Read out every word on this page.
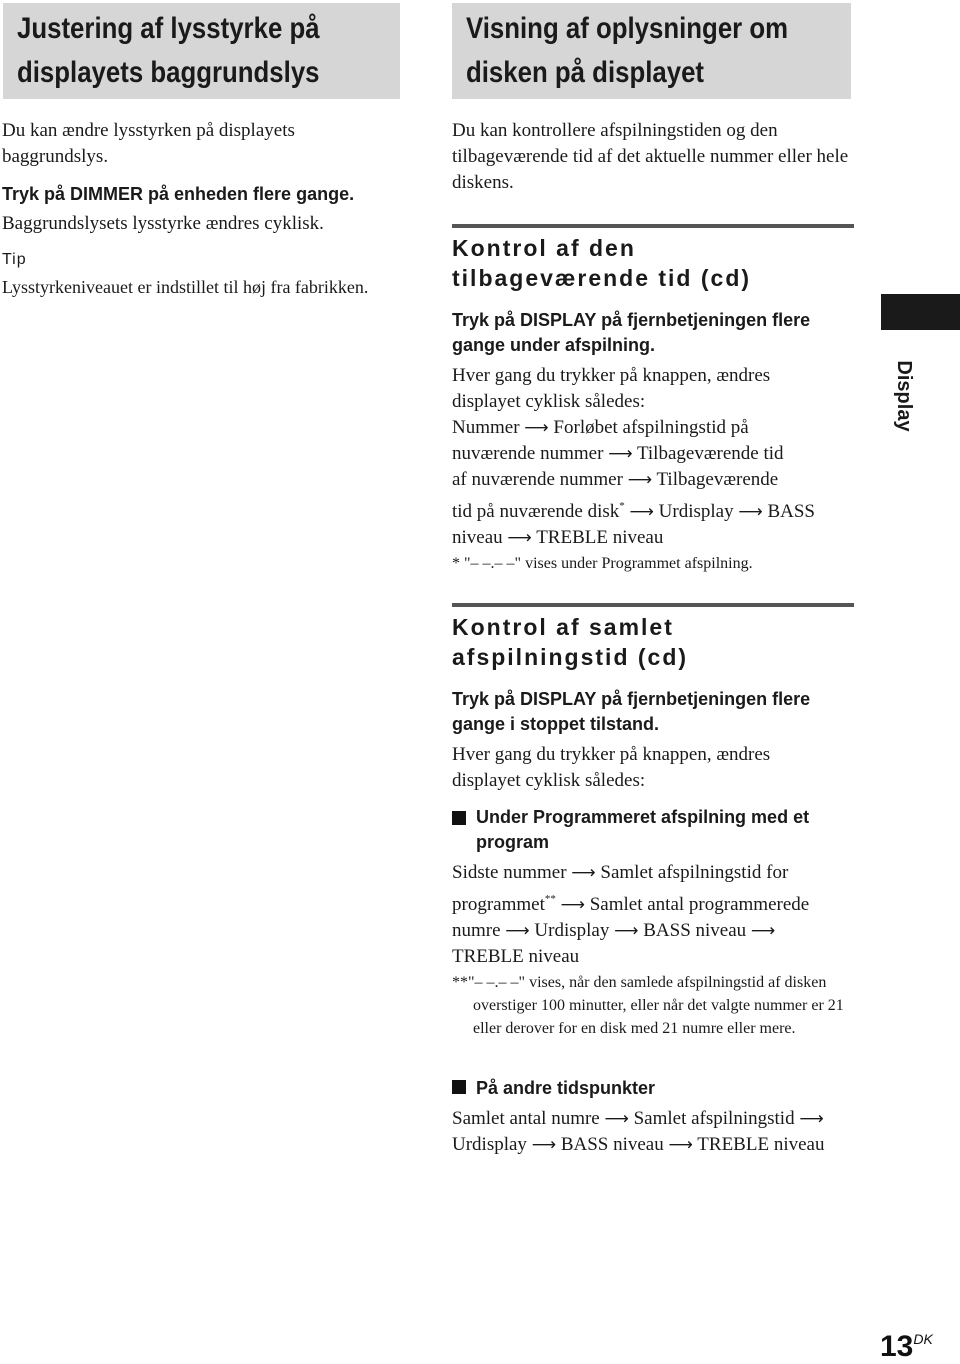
Justering af lysstyrke på
displayets baggrundslys
Du kan ændre lysstyrken på displayets baggrundslys.
Tryk på DIMMER på enheden flere gange.
Baggrundslysets lysstyrke ændres cyklisk.
Tip
Lysstyrkeniveauet er indstillet til høj fra fabrikken.
Visning af oplysninger om
disken på displayet
Du kan kontrollere afspilningstiden og den tilbageværende tid af det aktuelle nummer eller hele diskens.
Kontrol af den
tilbageværende tid (cd)
Tryk på DISPLAY på fjernbetjeningen flere gange under afspilning.
Hver gang du trykker på knappen, ændres displayet cyklisk således:
Nummer ⟶ Forløbet afspilningstid på
nuværende nummer ⟶ Tilbageværende tid
af nuværende nummer ⟶ Tilbageværende
tid på nuværende disk* ⟶ Urdisplay ⟶ BASS
niveau ⟶ TREBLE niveau
* "– –.– –" vises under Programmet afspilning.
Kontrol af samlet
afspilningstid (cd)
Tryk på DISPLAY på fjernbetjeningen flere gange i stoppet tilstand.
Hver gang du trykker på knappen, ændres displayet cyklisk således:
Under Programmeret afspilning med et program
Sidste nummer ⟶ Samlet afspilningstid for
programmet** ⟶ Samlet antal programmerede
numre ⟶ Urdisplay ⟶ BASS niveau ⟶
TREBLE niveau
**"– –.– –" vises, når den samlede afspilningstid af disken overstiger 100 minutter, eller når det valgte nummer er 21 eller derover for en disk med 21 numre eller mere.
På andre tidspunkter
Samlet antal numre ⟶ Samlet afspilningstid ⟶
Urdisplay ⟶ BASS niveau ⟶ TREBLE niveau
Display
$13^{DK}$
